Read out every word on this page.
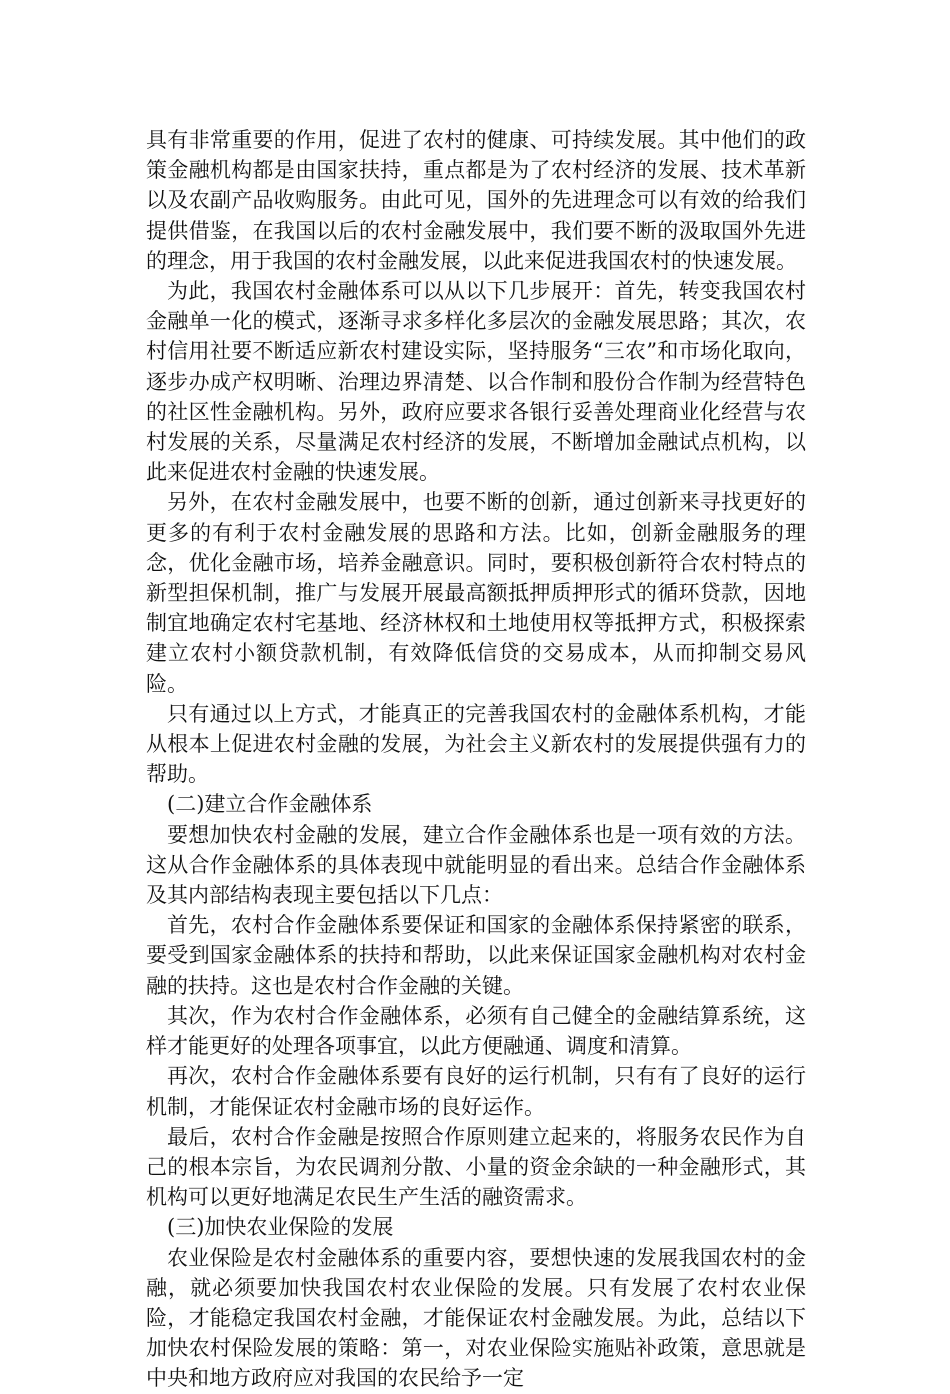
具有非常重要的作用，促进了农村的健康、可持续发展。其中他们的政策金融机构都是由国家扶持，重点都是为了农村经济的发展、技术革新以及农副产品收购服务。由此可见，国外的先进理念可以有效的给我们提供借鉴，在我国以后的农村金融发展中，我们要不断的汲取国外先进的理念，用于我国的农村金融发展，以此来促进我国农村的快速发展。

为此，我国农村金融体系可以从以下几步展开：首先，转变我国农村金融单一化的模式，逐渐寻求多样化多层次的金融发展思路；其次，农村信用社要不断适应新农村建设实际，坚持服务“三农”和市场化取向，逐步办成产权明晰、治理边界清楚、以合作制和股份合作制为经营特色的社区性金融机构。另外，政府应要求各银行妥善处理商业化经营与农村发展的关系，尽量满足农村经济的发展，不断增加金融试点机构，以此来促进农村金融的快速发展。

另外，在农村金融发展中，也要不断的创新，通过创新来寻找更好的更多的有利于农村金融发展的思路和方法。比如，创新金融服务的理念，优化金融市场，培养金融意识。同时，要积极创新符合农村特点的新型担保机制，推广与发展开展最高额抵押质押形式的循环贷款，因地制宜地确定农村宅基地、经济林权和土地使用权等抵押方式，积极探索建立农村小额贷款机制，有效降低信贷的交易成本，从而抑制交易风险。

只有通过以上方式，才能真正的完善我国农村的金融体系机构，才能从根本上促进农村金融的发展，为社会主义新农村的发展提供强有力的帮助。

(二)建立合作金融体系

要想加快农村金融的发展，建立合作金融体系也是一项有效的方法。这从合作金融体系的具体表现中就能明显的看出来。总结合作金融体系及其内部结构表现主要包括以下几点：

首先，农村合作金融体系要保证和国家的金融体系保持紧密的联系，要受到国家金融体系的扶持和帮助，以此来保证国家金融机构对农村金融的扶持。这也是农村合作金融的关键。

其次，作为农村合作金融体系，必须有自己健全的金融结算系统，这样才能更好的处理各项事宜，以此方便融通、调度和清算。

再次，农村合作金融体系要有良好的运行机制，只有有了良好的运行机制，才能保证农村金融市场的良好运作。

最后，农村合作金融是按照合作原则建立起来的，将服务农民作为自己的根本宗旨，为农民调剂分散、小量的资金余缺的一种金融形式，其机构可以更好地满足农民生产生活的融资需求。

(三)加快农业保险的发展

农业保险是农村金融体系的重要内容，要想快速的发展我国农村的金融，就必须要加快我国农村农业保险的发展。只有发展了农村农业保险，才能稳定我国农村金融，才能保证农村金融发展。为此，总结以下加快农村保险发展的策略：第一，对农业保险实施贴补政策，意思就是中央和地方政府应对我国的农民给予一定
